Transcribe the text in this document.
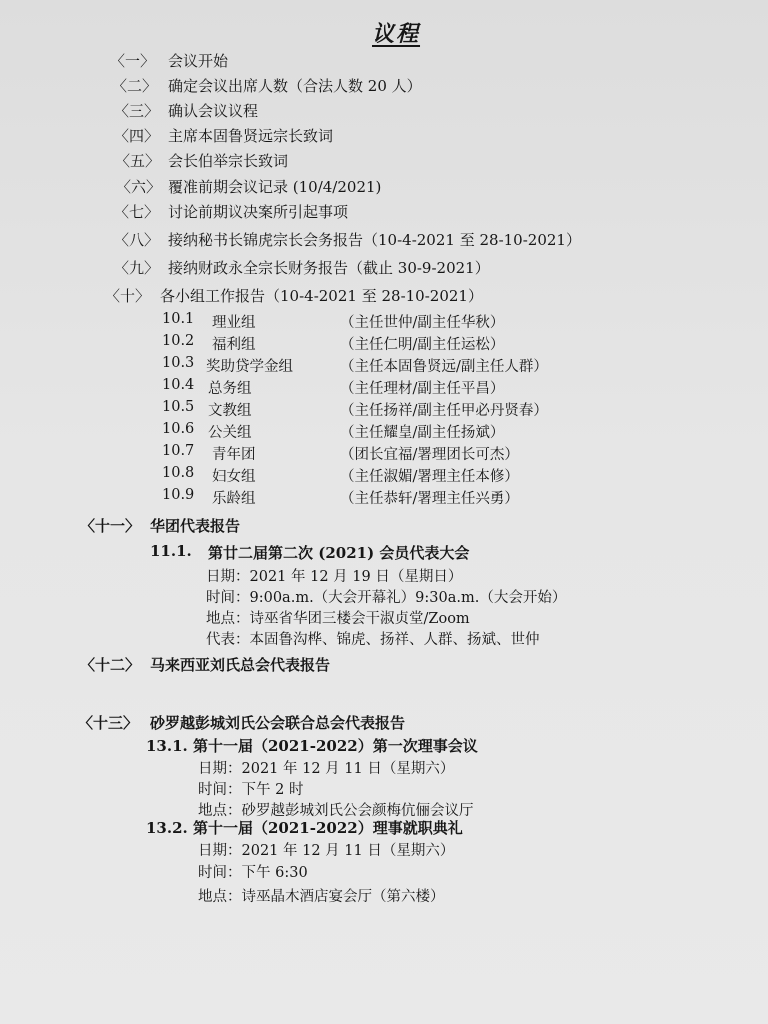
议程
〈一〉 会议开始
〈二〉 确定会议出席人数（合法人数 20 人）
〈三〉 确认会议议程
〈四〉 主席本固鲁贤远宗长致词
〈五〉 会长伯举宗长致词
〈六〉 覆准前期会议记录 (10/4/2021)
〈七〉 讨论前期议决案所引起事项
〈八〉 接纳秘书长锦虎宗长会务报告（10-4-2021 至 28-10-2021）
〈九〉 接纳财政永全宗长财务报告（截止 30-9-2021）
〈十〉 各小组工作报告（10-4-2021 至 28-10-2021）
10.1 理业组	（主任世仲/副主任华秋）
10.2 福利组	（主任仁明/副主任运松）
10.3 奖助贷学金组	（主任本固鲁贤远/副主任人群）
10.4 总务组	（主任理材/副主任平昌）
10.5 文教组	（主任扬祥/副主任甲必丹贤春）
10.6 公关组	（主任耀皇/副主任扬斌）
10.7 青年团	（团长宜福/署理团长可杰）
10.8 妇女组	（主任淑媚/署理主任本修）
10.9 乐龄组	（主任恭轩/署理主任兴勇）
〈十一〉 华团代表报告
11.1. 第廿二届第二次 (2021) 会员代表大会
日期：2021 年 12 月 19 日（星期日）
时间：9:00a.m.（大会开幕礼）9:30a.m.（大会开始）
地点：诗巫省华团三楼会干淑贞堂/Zoom
代表：本固鲁沟桦、锦虎、扬祥、人群、扬斌、世仲
〈十二〉 马来西亚刘氏总会代表报告
〈十三〉 砂罗越彭城刘氏公会联合总会代表报告
13.1. 第十一届（2021-2022）第一次理事会议
日期：2021 年 12 月 11 日（星期六）
时间：下午 2 时
地点：砂罗越彭城刘氏公会颜梅伉俪会议厅
13.2. 第十一届（2021-2022）理事就职典礼
日期：2021 年 12 月 11 日（星期六）
时间：下午 6:30
地点：诗巫晶木酒店宴会厅（第六楼）
